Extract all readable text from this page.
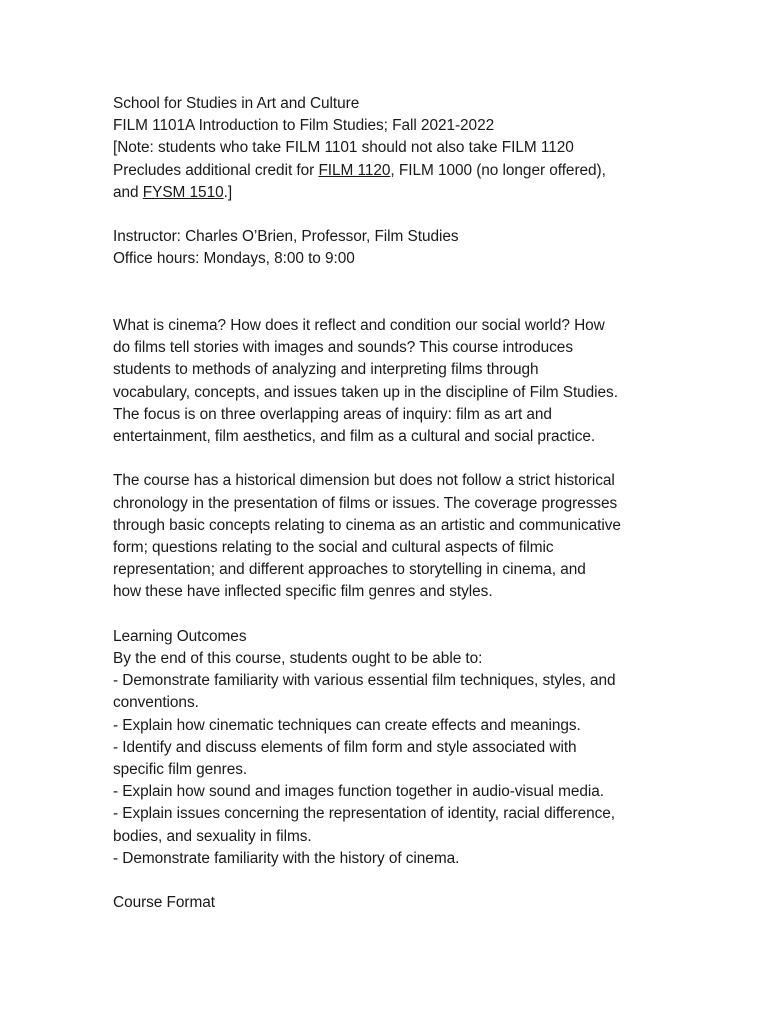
School for Studies in Art and Culture
FILM 1101A Introduction to Film Studies; Fall 2021-2022
[Note: students who take FILM 1101 should not also take FILM 1120
Precludes additional credit for FILM 1120, FILM 1000 (no longer offered),
and FYSM 1510.]
Instructor: Charles O’Brien, Professor, Film Studies
Office hours: Mondays, 8:00 to 9:00
What is cinema? How does it reflect and condition our social world? How
do films tell stories with images and sounds? This course introduces
students to methods of analyzing and interpreting films through
vocabulary, concepts, and issues taken up in the discipline of Film Studies.
The focus is on three overlapping areas of inquiry: film as art and
entertainment, film aesthetics, and film as a cultural and social practice.
The course has a historical dimension but does not follow a strict historical
chronology in the presentation of films or issues. The coverage progresses
through basic concepts relating to cinema as an artistic and communicative
form; questions relating to the social and cultural aspects of filmic
representation; and different approaches to storytelling in cinema, and
how these have inflected specific film genres and styles.
Learning Outcomes
By the end of this course, students ought to be able to:
- Demonstrate familiarity with various essential film techniques, styles, and
conventions.
- Explain how cinematic techniques can create effects and meanings.
- Identify and discuss elements of film form and style associated with
specific film genres.
- Explain how sound and images function together in audio-visual media.
- Explain issues concerning the representation of identity, racial difference,
bodies, and sexuality in films.
- Demonstrate familiarity with the history of cinema.
Course Format
